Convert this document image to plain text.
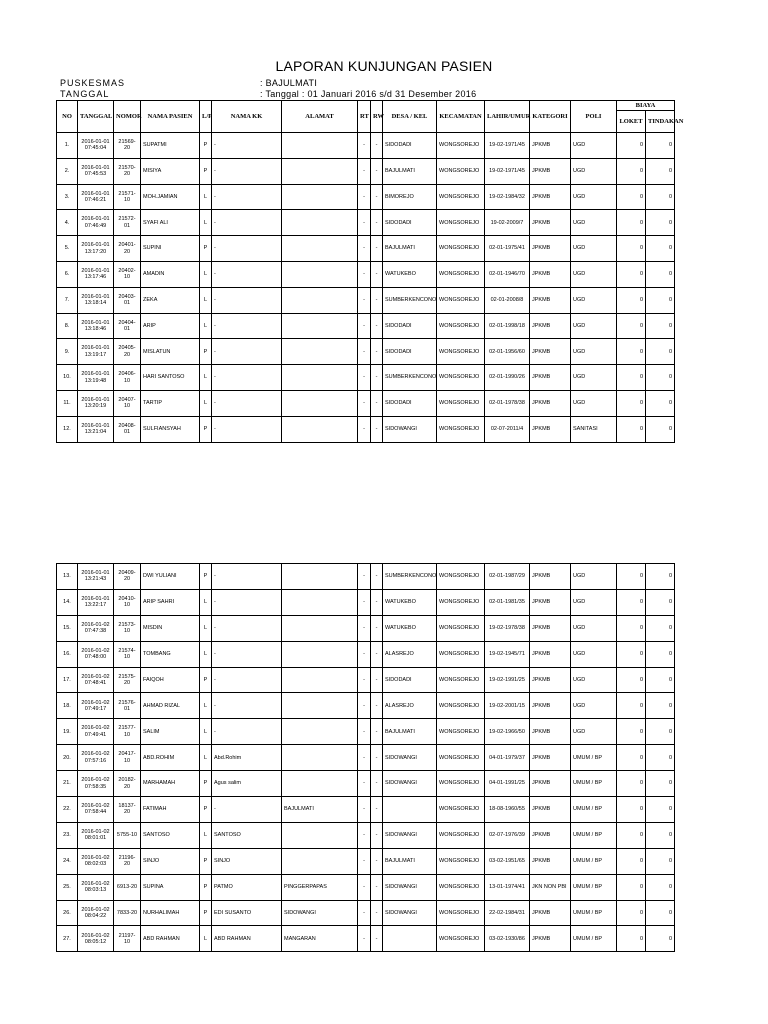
LAPORAN KUNJUNGAN PASIEN
PUSKESMAS	: BAJULMATI
TANGGAL	: Tanggal : 01 Januari 2016 s/d 31 Desember 2016
NO	TANGGAL	NOMOR	NAMA PASIEN	L/P	NAMA KK	ALAMAT	RT	RW	DESA / KEL	KECAMATAN	LAHIR/UMUR	KATEGORI	POLI	BIAYA	
														LOKET	TINDAKAN
1.	2016-01-01 07:45:04	21569-20	SUPATMI	P	-		-	-	SIDODADI	WONGSOREJO	19-02-1971/45	JPKMB	UGD	0	0
2.	2016-01-01 07:45:53	21570-20	MISIYA	P	-		-	-	BAJULMATI	WONGSOREJO	19-02-1971/45	JPKMB	UGD	0	0
3.	2016-01-01 07:46:21	21571-10	MOH.JAMIAN	L	-		-	-	BIMOREJO	WONGSOREJO	19-02-1984/32	JPKMB	UGD	0	0
4.	2016-01-01 07:46:49	21572-01	SYAFI ALI	L	-		-	-	SIDODADI	WONGSOREJO	19-02-2009/7	JPKMB	UGD	0	0
5.	2016-01-01 13:17:20	20401-20	SUPINI	P	-		-	-	BAJULMATI	WONGSOREJO	02-01-1975/41	JPKMB	UGD	0	0
6.	2016-01-01 13:17:46	20402-10	AMADIN	L	-		-	-	WATUKEBO	WONGSOREJO	02-01-1946/70	JPKMB	UGD	0	0
7.	2016-01-01 13:18:14	20403-01	ZEKA	L	-		-	-	SUMBERKENCONO	WONGSOREJO	02-01-2008/8	JPKMB	UGD	0	0
8.	2016-01-01 13:18:46	20404-01	ARIP	L	-		-	-	SIDODADI	WONGSOREJO	02-01-1998/18	JPKMB	UGD	0	0
9.	2016-01-01 13:19:17	20405-20	MISLATUN	P	-		-	-	SIDODADI	WONGSOREJO	02-01-1956/60	JPKMB	UGD	0	0
10.	2016-01-01 13:19:48	20406-10	HARI SANTOSO	L	-		-	-	SUMBERKENCONO	WONGSOREJO	02-01-1990/26	JPKMB	UGD	0	0
11.	2016-01-01 13:20:19	20407-10	TARTIP	L	-		-	-	SIDODADI	WONGSOREJO	02-01-1978/38	JPKMB	UGD	0	0
12.	2016-01-01 13:21:04	20408-01	SULFIANSYAH	P	-		-	-	SIDOWANGI	WONGSOREJO	02-07-2011/4	JPKMB	SANITASI	0	0
13.	2016-01-01 13:21:43	20409-20	DWI YULIANI	P	-		-	-	SUMBERKENCONO	WONGSOREJO	02-01-1987/29	JPKMB	UGD	0	0
14.	2016-01-01 13:22:17	20410-10	ARIP SAHRI	L	-		-	-	WATUKEBO	WONGSOREJO	02-01-1981/35	JPKMB	UGD	0	0
15.	2016-01-02 07:47:38	21573-10	MISDIN	L	-		-	-	WATUKEBO	WONGSOREJO	19-02-1978/38	JPKMB	UGD	0	0
16.	2016-01-02 07:48:00	21574-10	TOMBANG	L	-		-	-	ALASREJO	WONGSOREJO	19-02-1945/71	JPKMB	UGD	0	0
17.	2016-01-02 07:48:41	21575-20	FAIQOH	P	-		-	-	SIDODADI	WONGSOREJO	19-02-1991/25	JPKMB	UGD	0	0
18.	2016-01-02 07:49:17	21576-01	AHMAD RIZAL	L	-		-	-	ALASREJO	WONGSOREJO	19-02-2001/15	JPKMB	UGD	0	0
19.	2016-01-02 07:49:41	21577-10	SALIM	L	-		-	-	BAJULMATI	WONGSOREJO	19-02-1966/50	JPKMB	UGD	0	0
20.	2016-01-02 07:57:16	20417-10	ABD.ROHIM	L	Abd.Rohim		-	-	SIDOWANGI	WONGSOREJO	04-01-1979/37	JPKMB	UMUM / BP	0	0
21.	2016-01-02 07:58:35	20182-20	MARHAMAH	P	Agus salim		-	-	SIDOWANGI	WONGSOREJO	04-01-1991/25	JPKMB	UMUM / BP	0	0
22.	2016-01-02 07:58:44	18137-20	FATIMAH	P	-	BAJULMATI	-	-		WONGSOREJO	18-08-1960/55	JPKMB	UMUM / BP	0	0
23.	2016-01-02 08:01:01	5755-10	SANTOSO	L	SANTOSO		-	-	SIDOWANGI	WONGSOREJO	02-07-1976/39	JPKMB	UMUM / BP	0	0
24.	2016-01-02 08:02:03	21196-20	SINJO	P	SINJO		-	-	BAJULMATI	WONGSOREJO	03-02-1951/65	JPKMB	UMUM / BP	0	0
25.	2016-01-02 08:03:13	6913-20	SUPINA	P	PATMO	PINGGERPAPAS	-	-	SIDOWANGI	WONGSOREJO	13-01-1974/41	JKN NON PBI	UMUM / BP	0	0
26.	2016-01-02 08:04:22	7833-20	NURHALIMAH	P	EDI SUSANTO	SIDOWANGI	-	-	SIDOWANGI	WONGSOREJO	22-02-1984/31	JPKMB	UMUM / BP	0	0
27.	2016-01-02 08:05:12	21197-10	ABD RAHMAN	L	ABD RAHMAN	MANGARAN	-	-		WONGSOREJO	03-02-1930/86	JPKMB	UMUM / BP	0	0
